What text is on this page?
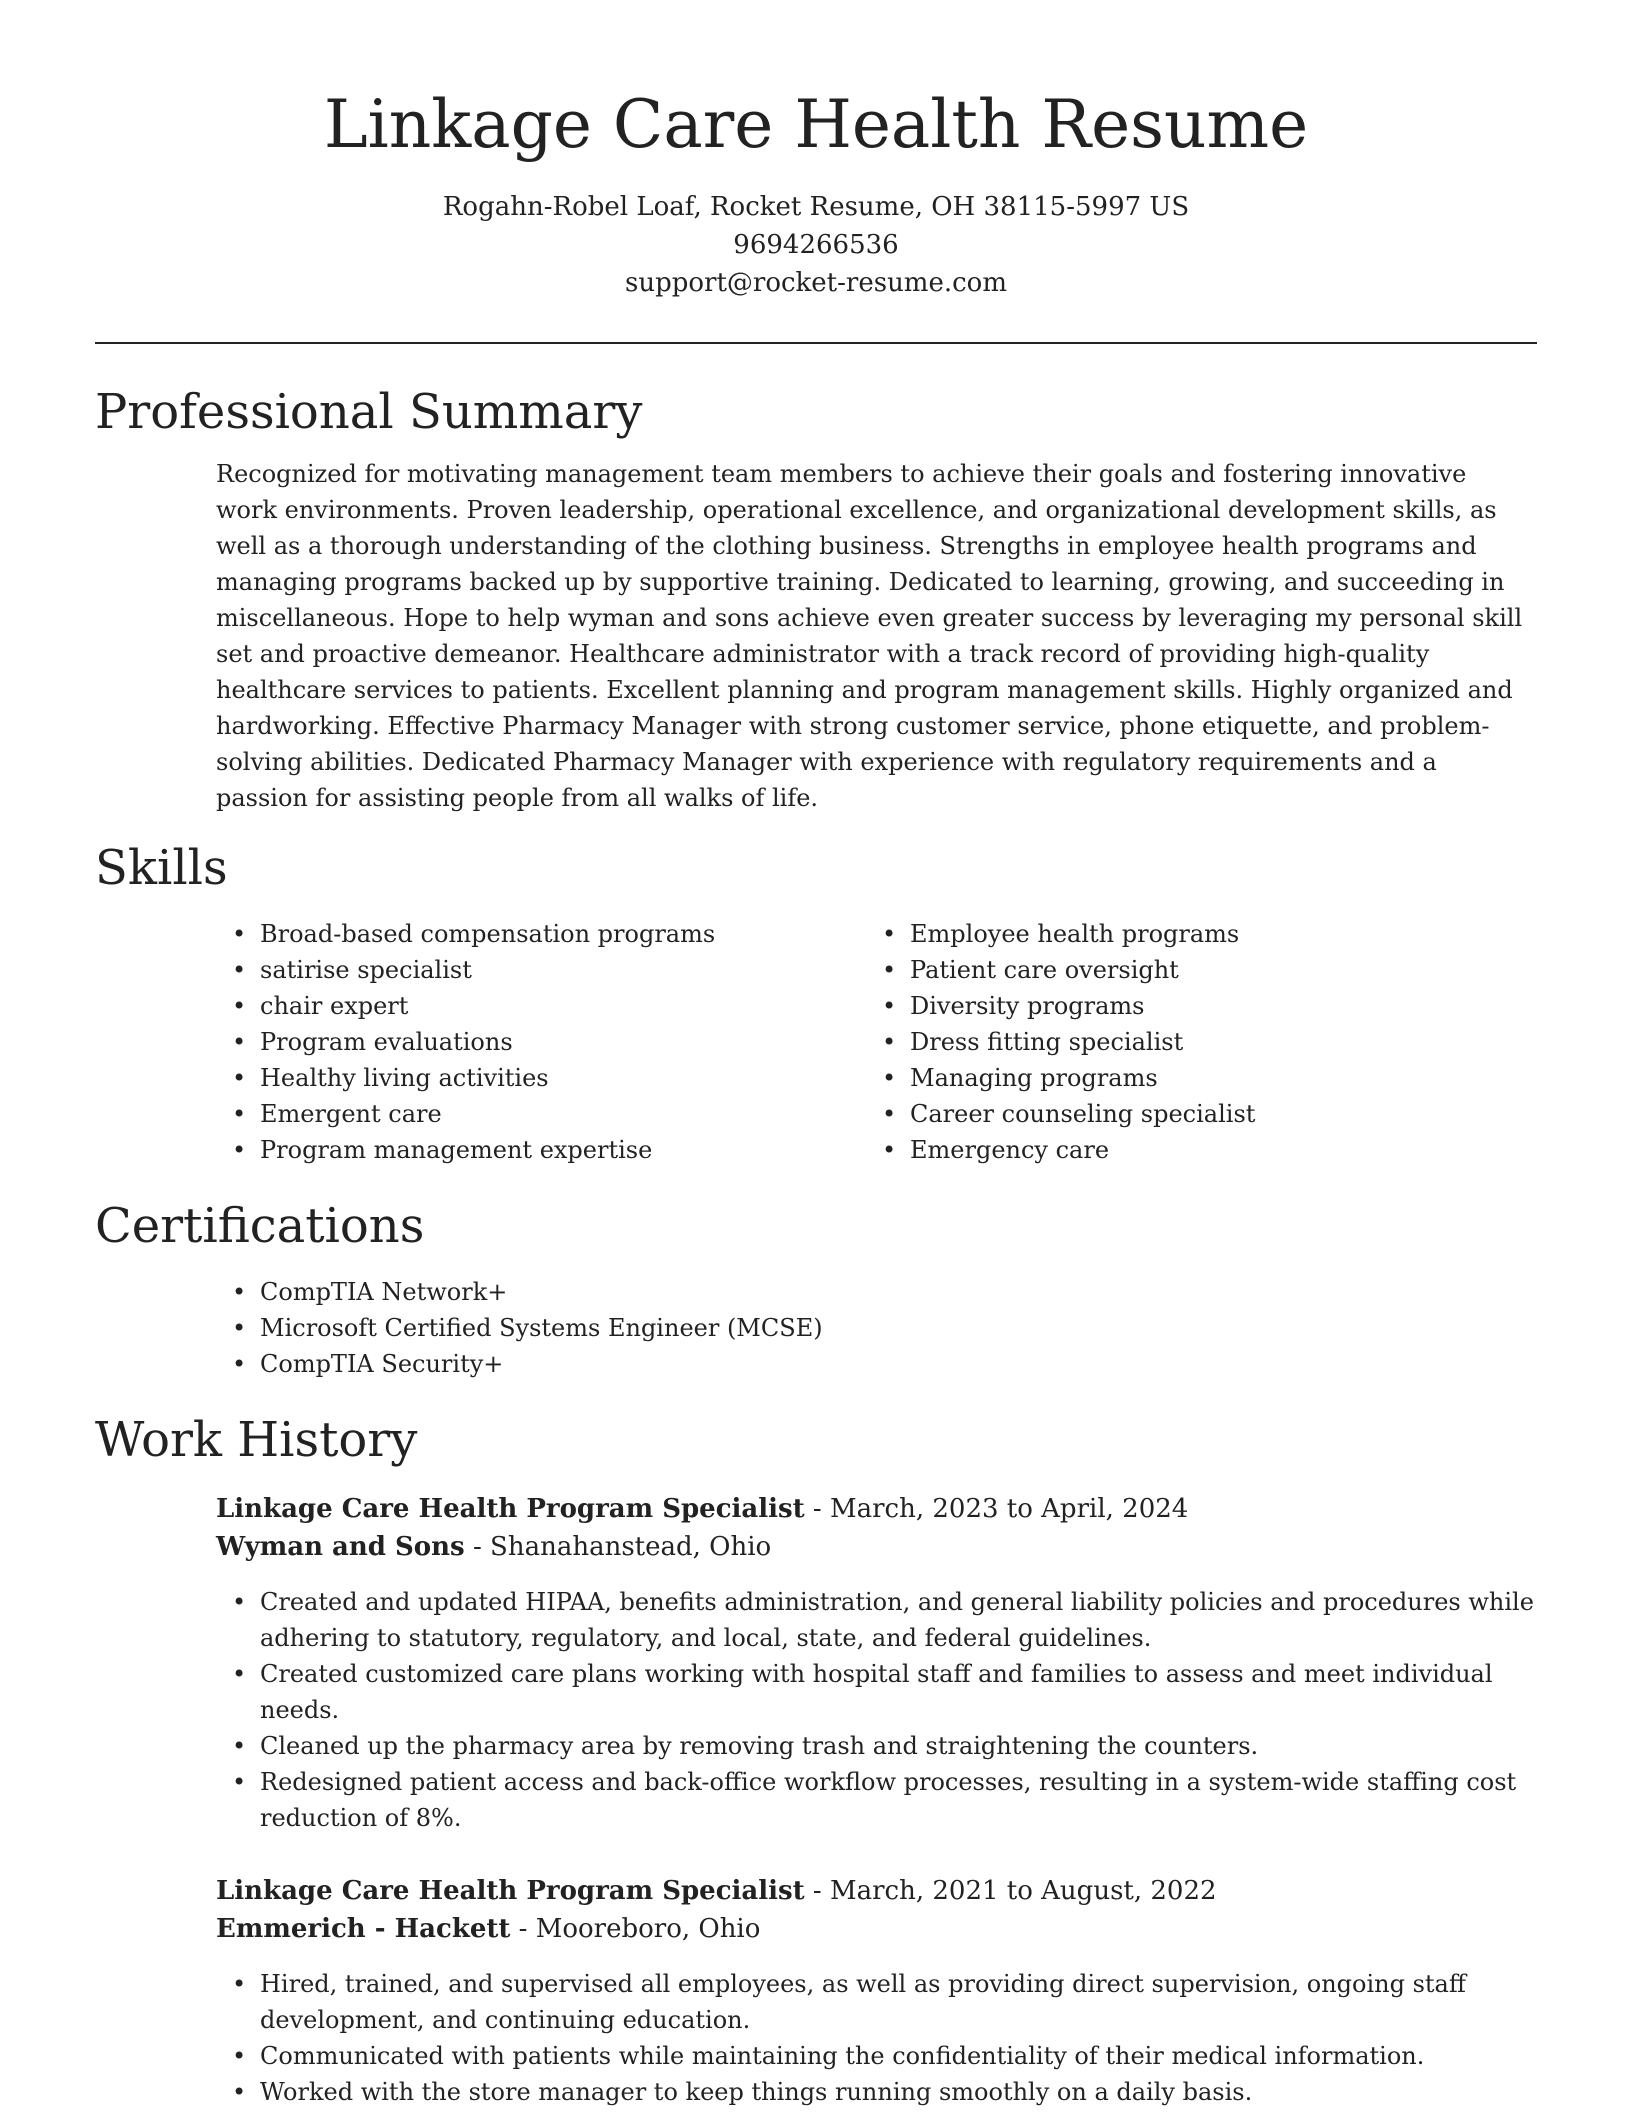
Linkage Care Health Resume
Rogahn-Robel Loaf, Rocket Resume, OH 38115-5997 US
9694266536
support@rocket-resume.com
Professional Summary

Recognized for motivating management team members to achieve their goals and fostering innovative work environments. Proven leadership, operational excellence, and organizational development skills, as well as a thorough understanding of the clothing business. Strengths in employee health programs and managing programs backed up by supportive training. Dedicated to learning, growing, and succeeding in miscellaneous. Hope to help wyman and sons achieve even greater success by leveraging my personal skill set and proactive demeanor. Healthcare administrator with a track record of providing high-quality healthcare services to patients. Excellent planning and program management skills. Highly organized and hardworking. Effective Pharmacy Manager with strong customer service, phone etiquette, and problem-solving abilities. Dedicated Pharmacy Manager with experience with regulatory requirements and a passion for assisting people from all walks of life.

Skills
• Broad-based compensation programs
• satirise specialist
• chair expert
• Program evaluations
• Healthy living activities
• Emergent care
• Program management expertise
• Employee health programs
• Patient care oversight
• Diversity programs
• Dress fitting specialist
• Managing programs
• Career counseling specialist
• Emergency care
Certifications
• CompTIA Network+
• Microsoft Certified Systems Engineer (MCSE)
• CompTIA Security+
Work History
Linkage Care Health Program Specialist - March, 2023 to April, 2024
Wyman and Sons - Shanahanstead, Ohio
• Created and updated HIPAA, benefits administration, and general liability policies and procedures while adhering to statutory, regulatory, and local, state, and federal guidelines.
• Created customized care plans working with hospital staff and families to assess and meet individual needs.
• Cleaned up the pharmacy area by removing trash and straightening the counters.
• Redesigned patient access and back-office workflow processes, resulting in a system-wide staffing cost reduction of 8%.
Linkage Care Health Program Specialist - March, 2021 to August, 2022
Emmerich - Hackett - Mooreboro, Ohio
• Hired, trained, and supervised all employees, as well as providing direct supervision, ongoing staff development, and continuing education.
• Communicated with patients while maintaining the confidentiality of their medical information.
• Worked with the store manager to keep things running smoothly on a daily basis.
